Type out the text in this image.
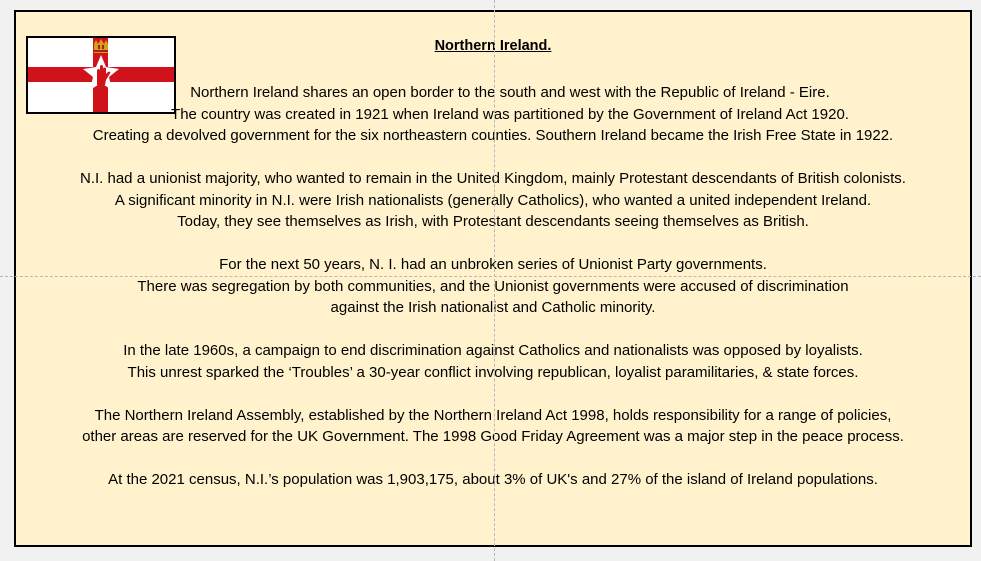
Northern Ireland.
Northern Ireland shares an open border to the south and west with the Republic of Ireland - Eire.
The country was created in 1921 when Ireland was partitioned by the Government of Ireland Act 1920.
Creating a devolved government for the six northeastern counties. Southern Ireland became the Irish Free State in 1922.
N.I. had a unionist majority, who wanted to remain in the United Kingdom, mainly Protestant descendants of British colonists.
A significant minority in N.I. were Irish nationalists (generally Catholics), who wanted a united independent Ireland.
Today, they see themselves as Irish, with Protestant descendants seeing themselves as British.
For the next 50 years, N. I. had an unbroken series of Unionist Party governments.
There was segregation by both communities, and the Unionist governments were accused of discrimination
against the Irish nationalist and Catholic minority.
In the late 1960s, a campaign to end discrimination against Catholics and nationalists was opposed by loyalists.
This unrest sparked the ‘Troubles’ a 30-year conflict involving republican, loyalist paramilitaries, & state forces.
The Northern Ireland Assembly, established by the Northern Ireland Act 1998, holds responsibility for a range of policies,
other areas are reserved for the UK Government. The 1998 Good Friday Agreement was a major step in the peace process.
At the 2021 census, N.I.’s population was 1,903,175, about 3% of UK's and 27% of the island of Ireland populations.
